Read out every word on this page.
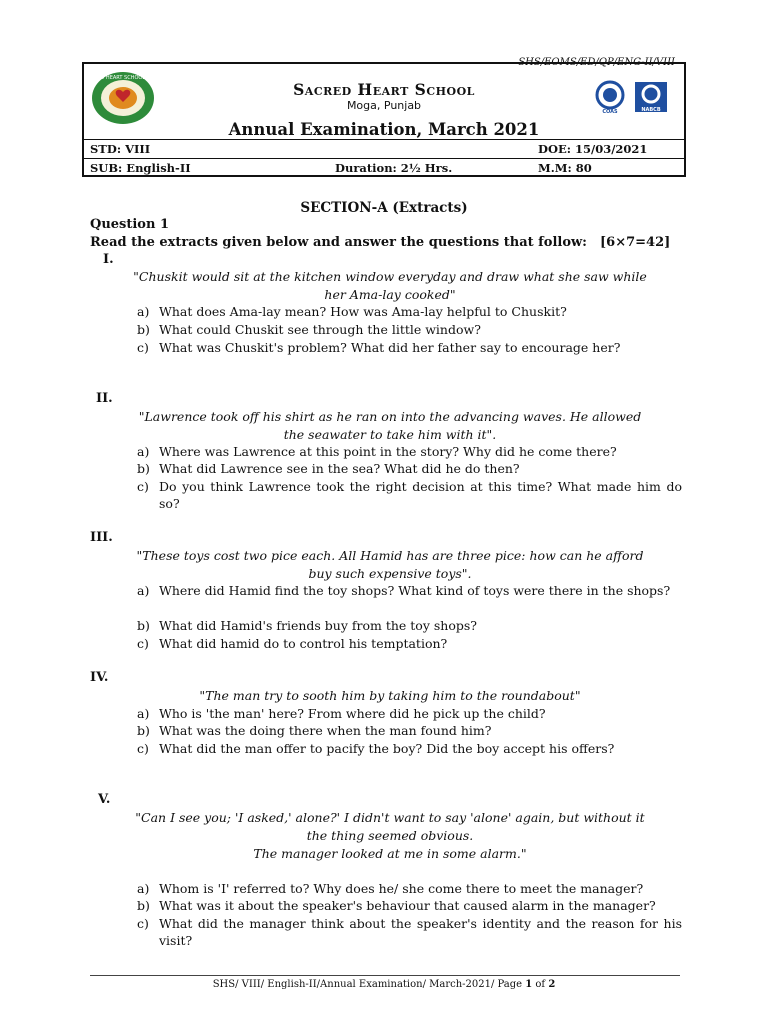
SHS/EOMS/ED/QP/ENG-II/VIII
SACRED HEART SCHOOL MOGA
COAS	NABCB
Sacred Heart School
Moga, Punjab
Annual Examination, March 2021
STD: VIII	DOE: 15/03/2021
SUB: English-II	Duration: 2½ Hrs.	M.M: 80
SECTION-A (Extracts)
Question 1
Read the extracts given below and answer the questions that follow: [6×7=42]
I.
"Chuskit would sit at the kitchen window everyday and draw what she saw while
her Ama-lay cooked"
a) What does Ama-lay mean? How was Ama-lay helpful to Chuskit?
b) What could Chuskit see through the little window?
c) What was Chuskit's problem? What did her father say to encourage her?
II.
"Lawrence took off his shirt as he ran on into the advancing waves. He allowed
the seawater to take him with it".
a) Where was Lawrence at this point in the story? Why did he come there?
b) What did Lawrence see in the sea? What did he do then?
c) Do you think Lawrence took the right decision at this time? What made him do so?
III.
"These toys cost two pice each. All Hamid has are three pice: how can he afford
buy such expensive toys".
a) Where did Hamid find the toy shops? What kind of toys were there in the shops?
b) What did Hamid's friends buy from the toy shops?
c) What did hamid do to control his temptation?
IV.
"The man try to sooth him by taking him to the roundabout"
a) Who is 'the man' here? From where did he pick up the child?
b) What was the doing there when the man found him?
c) What did the man offer to pacify the boy? Did the boy accept his offers?
V.
"Can I see you; 'I asked,' alone?' I didn't want to say 'alone' again, but without it
the thing seemed obvious.
The manager looked at me in some alarm."
a) Whom is 'I' referred to? Why does he/ she come there to meet the manager?
b) What was it about the speaker's behaviour that caused alarm in the manager?
c) What did the manager think about the speaker's identity and the reason for his visit?
SHS/ VIII/ English-II/Annual Examination/ March-2021/ Page 1 of 2
